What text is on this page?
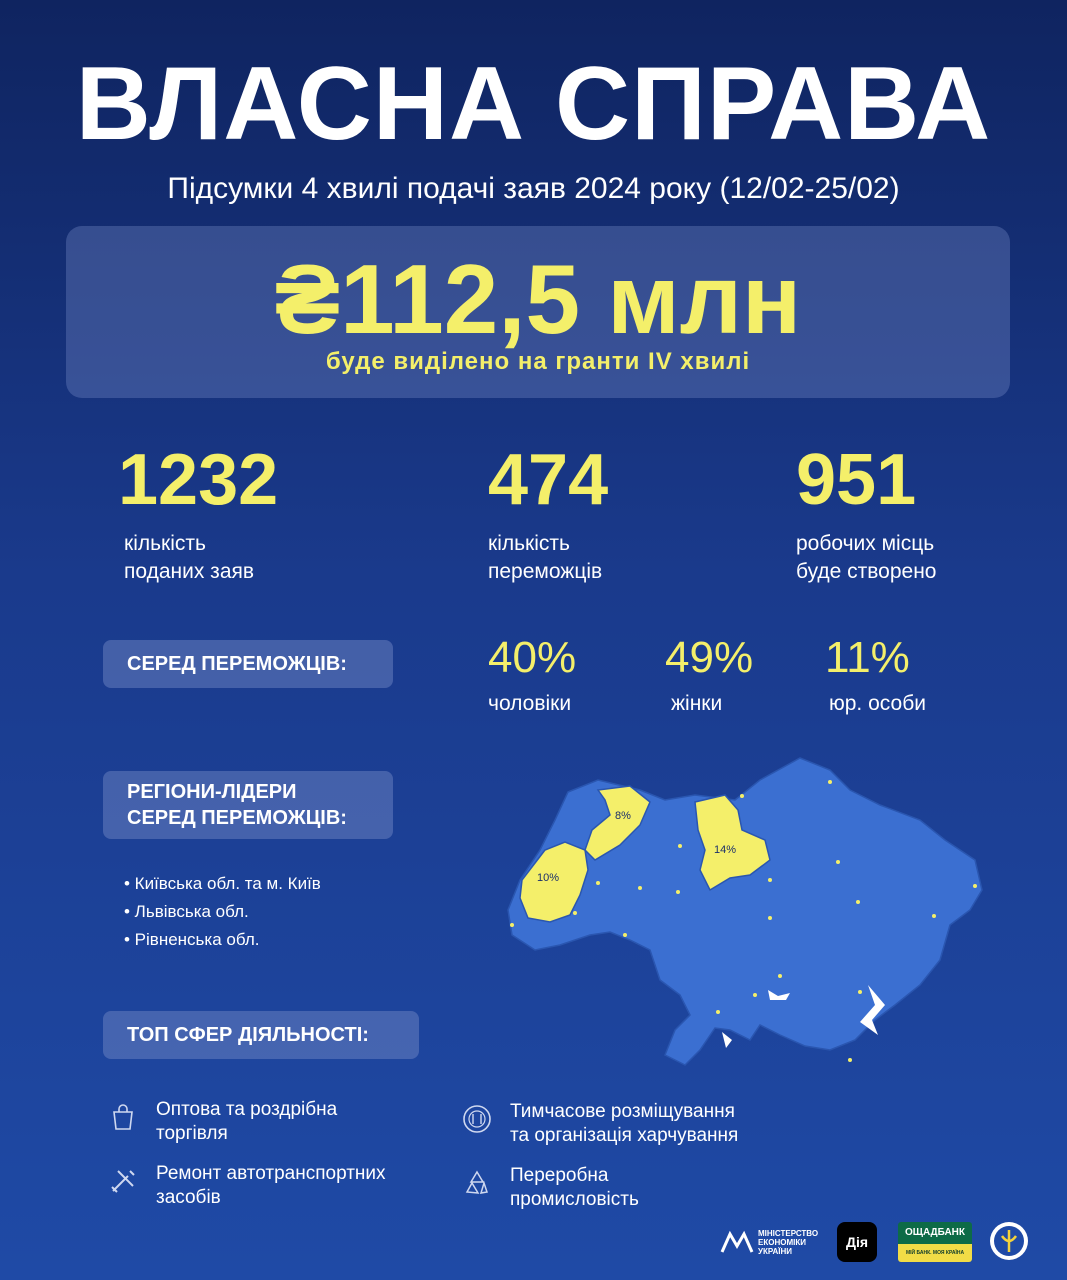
ВЛАСНА СПРАВА
Підсумки 4 хвилі подачі заяв 2024 року (12/02-25/02)
₴112,5 млн
буде виділено на гранти IV хвилі
1232
кількість
поданих заяв
474
кількість
переможців
951
робочих місць
буде створено
СЕРЕД ПЕРЕМОЖЦІВ:	40%
чоловіки
49%
жінки
11%
юр. особи
РЕГІОНИ-ЛІДЕРИ
СЕРЕД ПЕРЕМОЖЦІВ:
• Київська обл. та м. Київ
• Львівська обл.
• Рівненська обл.
10%
8%
14%
ТОП СФЕР ДІЯЛЬНОСТІ:
Оптова та роздрібна
торгівля
Ремонт автотранспортних
засобів
Тимчасове розміщування
та організація харчування
Переробна
промисловість
МІНІСТЕРСТВО
ЕКОНОМІКИ
УКРАЇНИ
Дія
ОЩАДБАНК
МІЙ БАНК. МОЯ КРАЇНА
